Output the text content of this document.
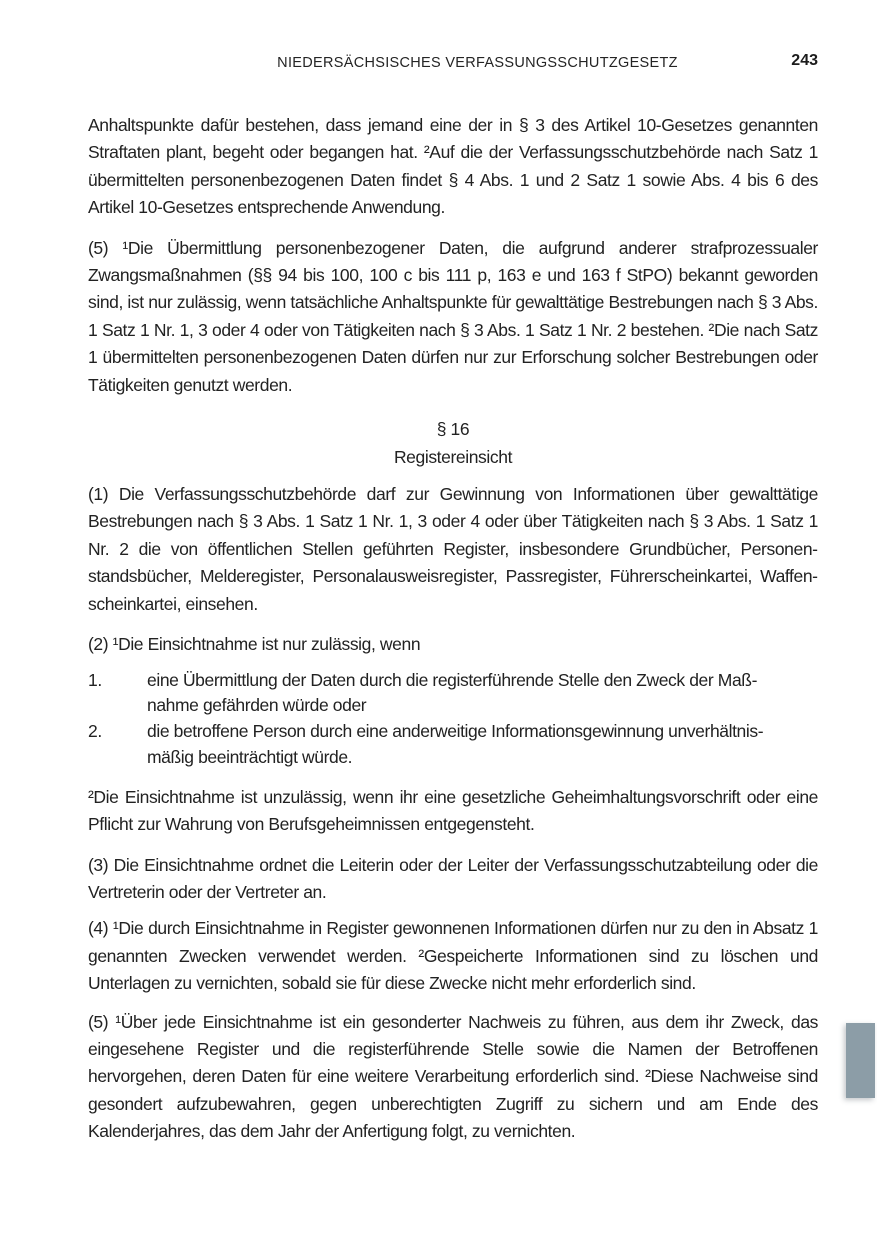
NIEDERSÄCHSISCHES VERFASSUNGSSCHUTZGESETZ	243

Anhaltspunkte dafür bestehen, dass jemand eine der in § 3 des Artikel 10-Gesetzes genannten Straftaten plant, begeht oder begangen hat. ²Auf die der Verfassungsschutzbehörde nach Satz 1 übermittelten personenbezogenen Daten findet § 4 Abs. 1 und 2 Satz 1 sowie Abs. 4 bis 6 des Artikel 10-Gesetzes entsprechende Anwendung.

(5) ¹Die Übermittlung personenbezogener Daten, die aufgrund anderer strafprozessualer Zwangsmaßnahmen (§§ 94 bis 100, 100 c bis 111 p, 163 e und 163 f StPO) bekannt geworden sind, ist nur zulässig, wenn tatsächliche Anhaltspunkte für gewalttätige Bestrebungen nach § 3 Abs. 1 Satz 1 Nr. 1, 3 oder 4 oder von Tätigkeiten nach § 3 Abs. 1 Satz 1 Nr. 2 bestehen. ²Die nach Satz 1 übermittelten personenbezogenen Daten dürfen nur zur Erforschung solcher Bestrebungen oder Tätigkeiten genutzt werden.

§ 16
Registereinsicht

(1) Die Verfassungsschutzbehörde darf zur Gewinnung von Informationen über gewalttätige Bestrebungen nach § 3 Abs. 1 Satz 1 Nr. 1, 3 oder 4 oder über Tätigkeiten nach § 3 Abs. 1 Satz 1 Nr. 2 die von öffentlichen Stellen geführten Register, insbesondere Grundbücher, Personenstandsbücher, Melderegister, Personalausweisregister, Passregister, Führerscheinkartei, Waffenscheinkartei, einsehen.

(2) ¹Die Einsichtnahme ist nur zulässig, wenn

1.	eine Übermittlung der Daten durch die registerführende Stelle den Zweck der Maßnahme gefährden würde oder
2.	die betroffene Person durch eine anderweitige Informationsgewinnung unverhältnismäßig beeinträchtigt würde.

²Die Einsichtnahme ist unzulässig, wenn ihr eine gesetzliche Geheimhaltungsvorschrift oder eine Pflicht zur Wahrung von Berufsgeheimnissen entgegensteht.

(3) Die Einsichtnahme ordnet die Leiterin oder der Leiter der Verfassungsschutzabteilung oder die Vertreterin oder der Vertreter an.

(4) ¹Die durch Einsichtnahme in Register gewonnenen Informationen dürfen nur zu den in Absatz 1 genannten Zwecken verwendet werden. ²Gespeicherte Informationen sind zu löschen und Unterlagen zu vernichten, sobald sie für diese Zwecke nicht mehr erforderlich sind.

(5) ¹Über jede Einsichtnahme ist ein gesonderter Nachweis zu führen, aus dem ihr Zweck, das eingesehene Register und die registerführende Stelle sowie die Namen der Betroffenen hervorgehen, deren Daten für eine weitere Verarbeitung erforderlich sind. ²Diese Nachweise sind gesondert aufzubewahren, gegen unberechtigten Zugriff zu sichern und am Ende des Kalenderjahres, das dem Jahr der Anfertigung folgt, zu vernichten.
